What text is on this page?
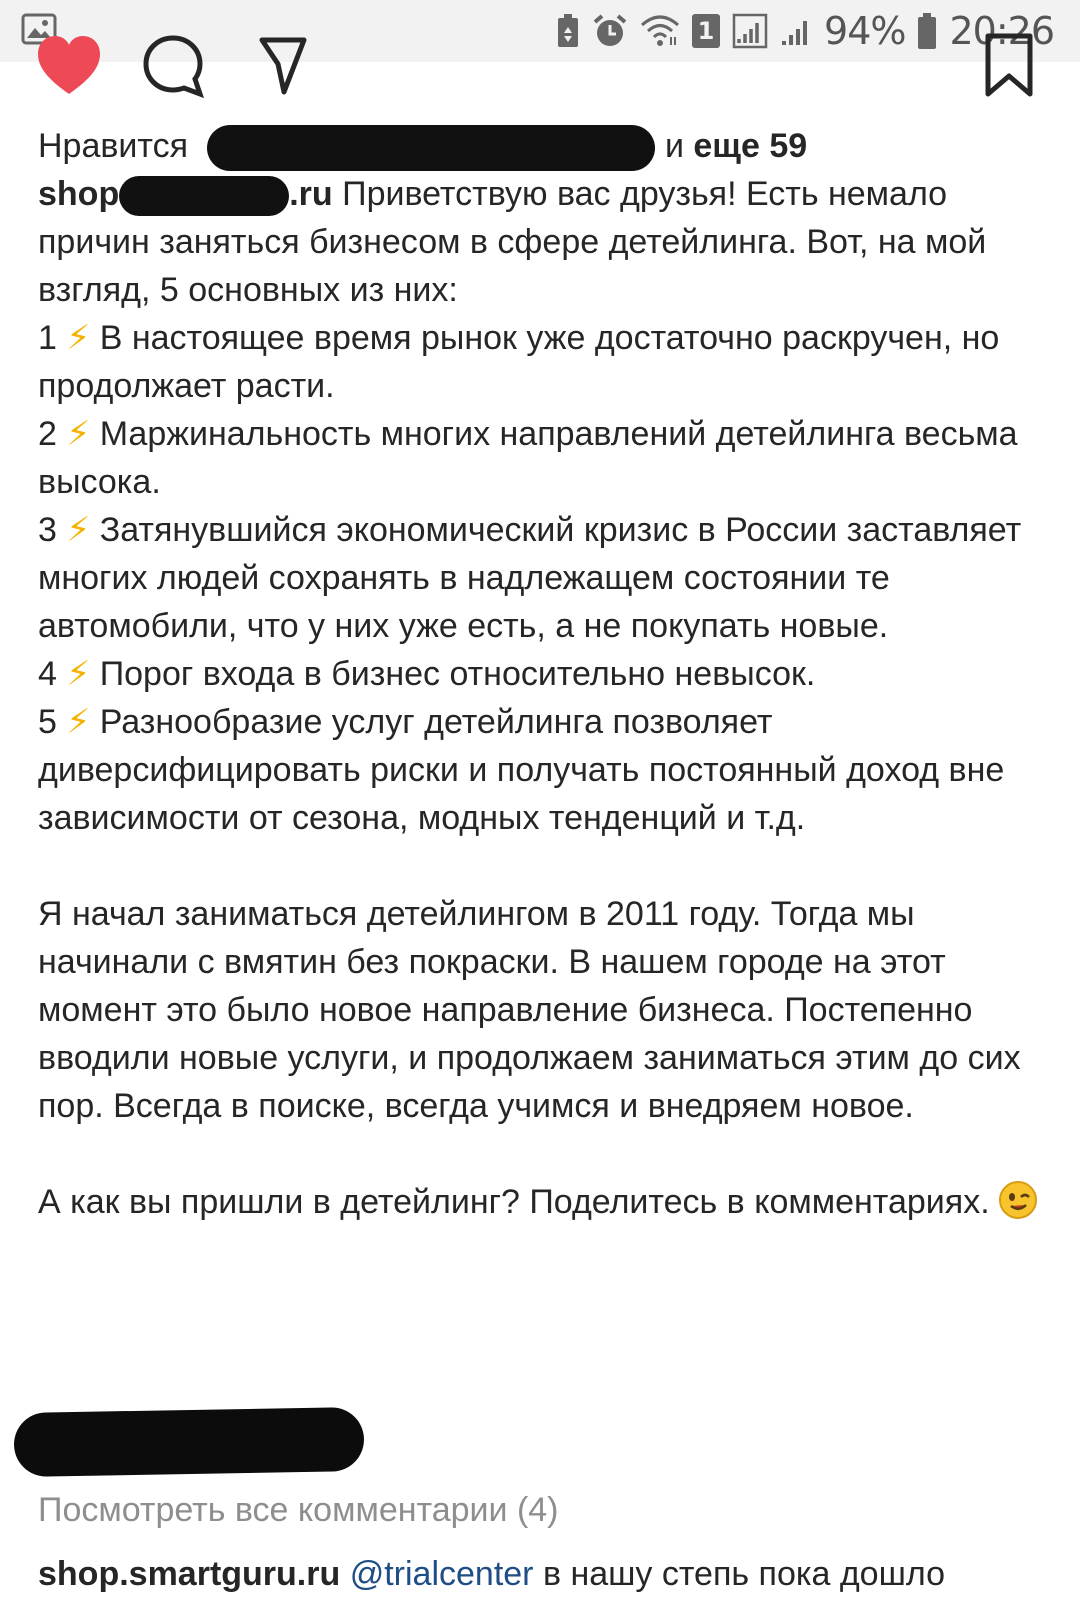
1	94% 20:26
Нравится	и еще 59

shop	.ru Приветствую вас друзья! Есть немало причин заняться бизнесом в сфере детейлинга. Вот, на мой взгляд, 5 основных из них:

1 ⚡ В настоящее время рынок уже достаточно раскручен, но продолжает расти.

2 ⚡ Маржинальность многих направлений детейлинга весьма высока.

3 ⚡ Затянувшийся экономический кризис в России заставляет многих людей сохранять в надлежащем состоянии те автомобили, что у них уже есть, а не покупать новые.

4 ⚡ Порог входа в бизнес относительно невысок.

5 ⚡ Разнообразие услуг детейлинга позволяет диверсифицировать риски и получать постоянный доход вне зависимости от сезона, модных тенденций и т.д.

Я начал заниматься детейлингом в 2011 году. Тогда мы начинали с вмятин без покраски. В нашем городе на этот момент это было новое направление бизнеса. Постепенно вводили новые услуги, и продолжаем заниматься этим до сих пор. Всегда в поиске, всегда учимся и внедряем новое.

А как вы пришли в детейлинг? Поделитесь в комментариях.

Посмотреть все комментарии (4)
shop.smartguru.ru @trialcenter в нашу степь пока дошло
